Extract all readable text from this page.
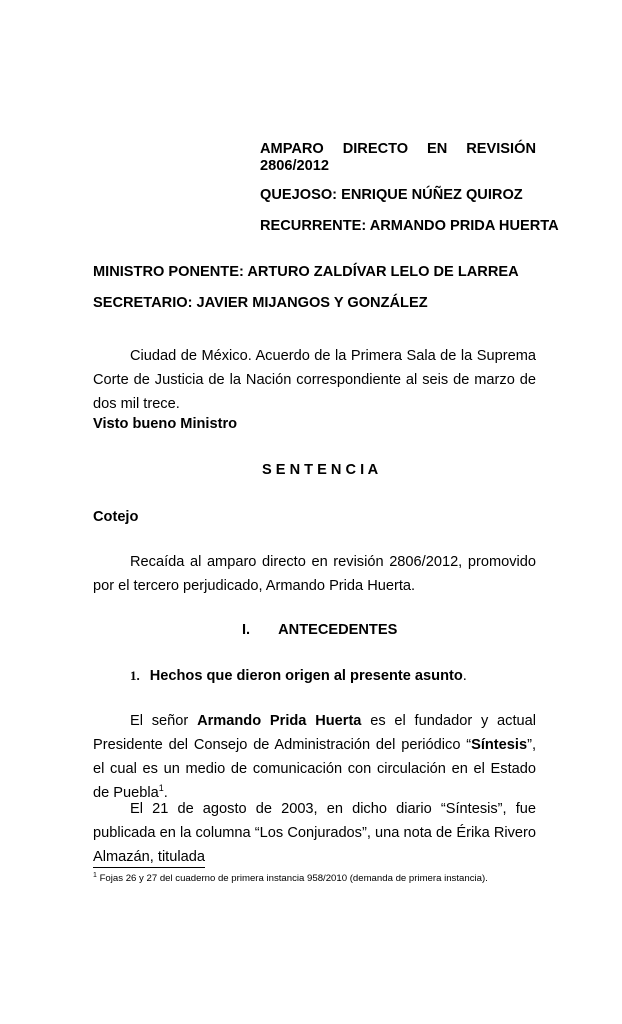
AMPARO DIRECTO EN REVISIÓN
2806/2012
QUEJOSO: ENRIQUE NÚÑEZ QUIROZ
RECURRENTE: ARMANDO PRIDA HUERTA
MINISTRO PONENTE: ARTURO ZALDÍVAR LELO DE LARREA
SECRETARIO: JAVIER MIJANGOS Y GONZÁLEZ

Ciudad de México. Acuerdo de la Primera Sala de la Suprema Corte de Justicia de la Nación correspondiente al seis de marzo de dos mil trece.

Visto bueno Ministro
S E N T E N C I A
Cotejo

Recaída al amparo directo en revisión 2806/2012, promovido por el tercero perjudicado, Armando Prida Huerta.

I. ANTECEDENTES
1. Hechos que dieron origen al presente asunto.

El señor Armando Prida Huerta es el fundador y actual Presidente del Consejo de Administración del periódico “Síntesis”, el cual es un medio de comunicación con circulación en el Estado de Puebla$^1$.

El 21 de agosto de 2003, en dicho diario “Síntesis”, fue publicada en la columna “Los Conjurados”, una nota de Érika Rivero Almazán, titulada

$^1$ Fojas 26 y 27 del cuaderno de primera instancia 958/2010 (demanda de primera instancia).
